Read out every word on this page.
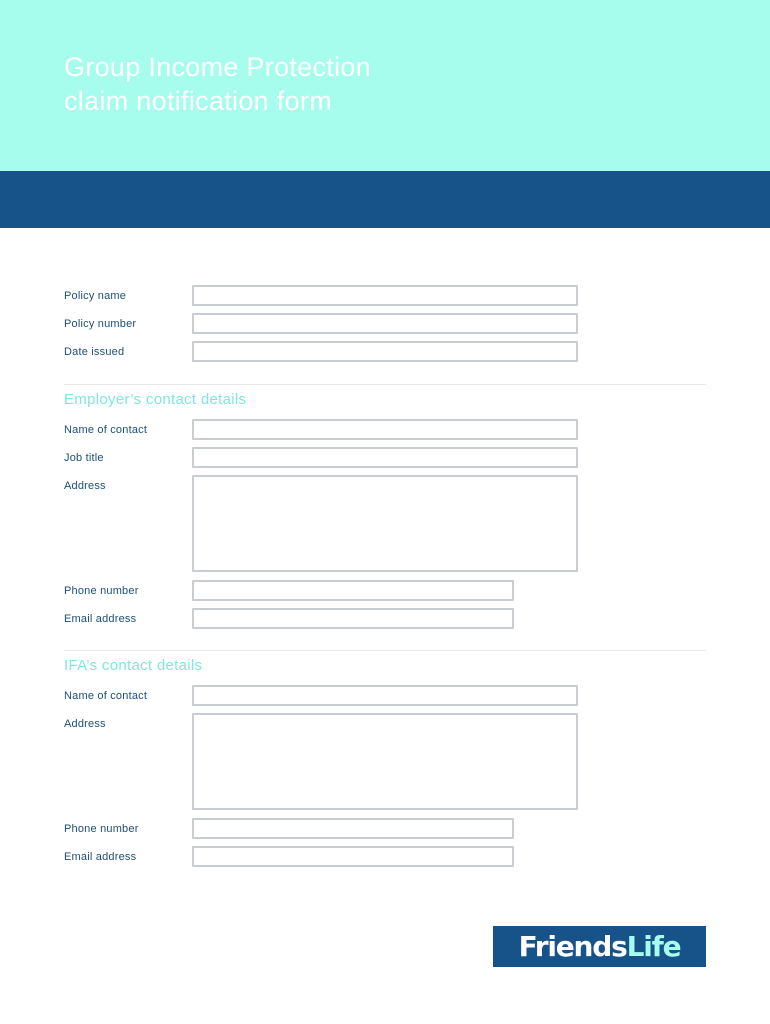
Group Income Protection
claim notification form
Policy name
Policy number
Date issued
Employer’s contact details
Name of contact
Job title
Address
Phone number
Email address
IFA’s contact details
Name of contact
Address
Phone number
Email address
FriendsLife
